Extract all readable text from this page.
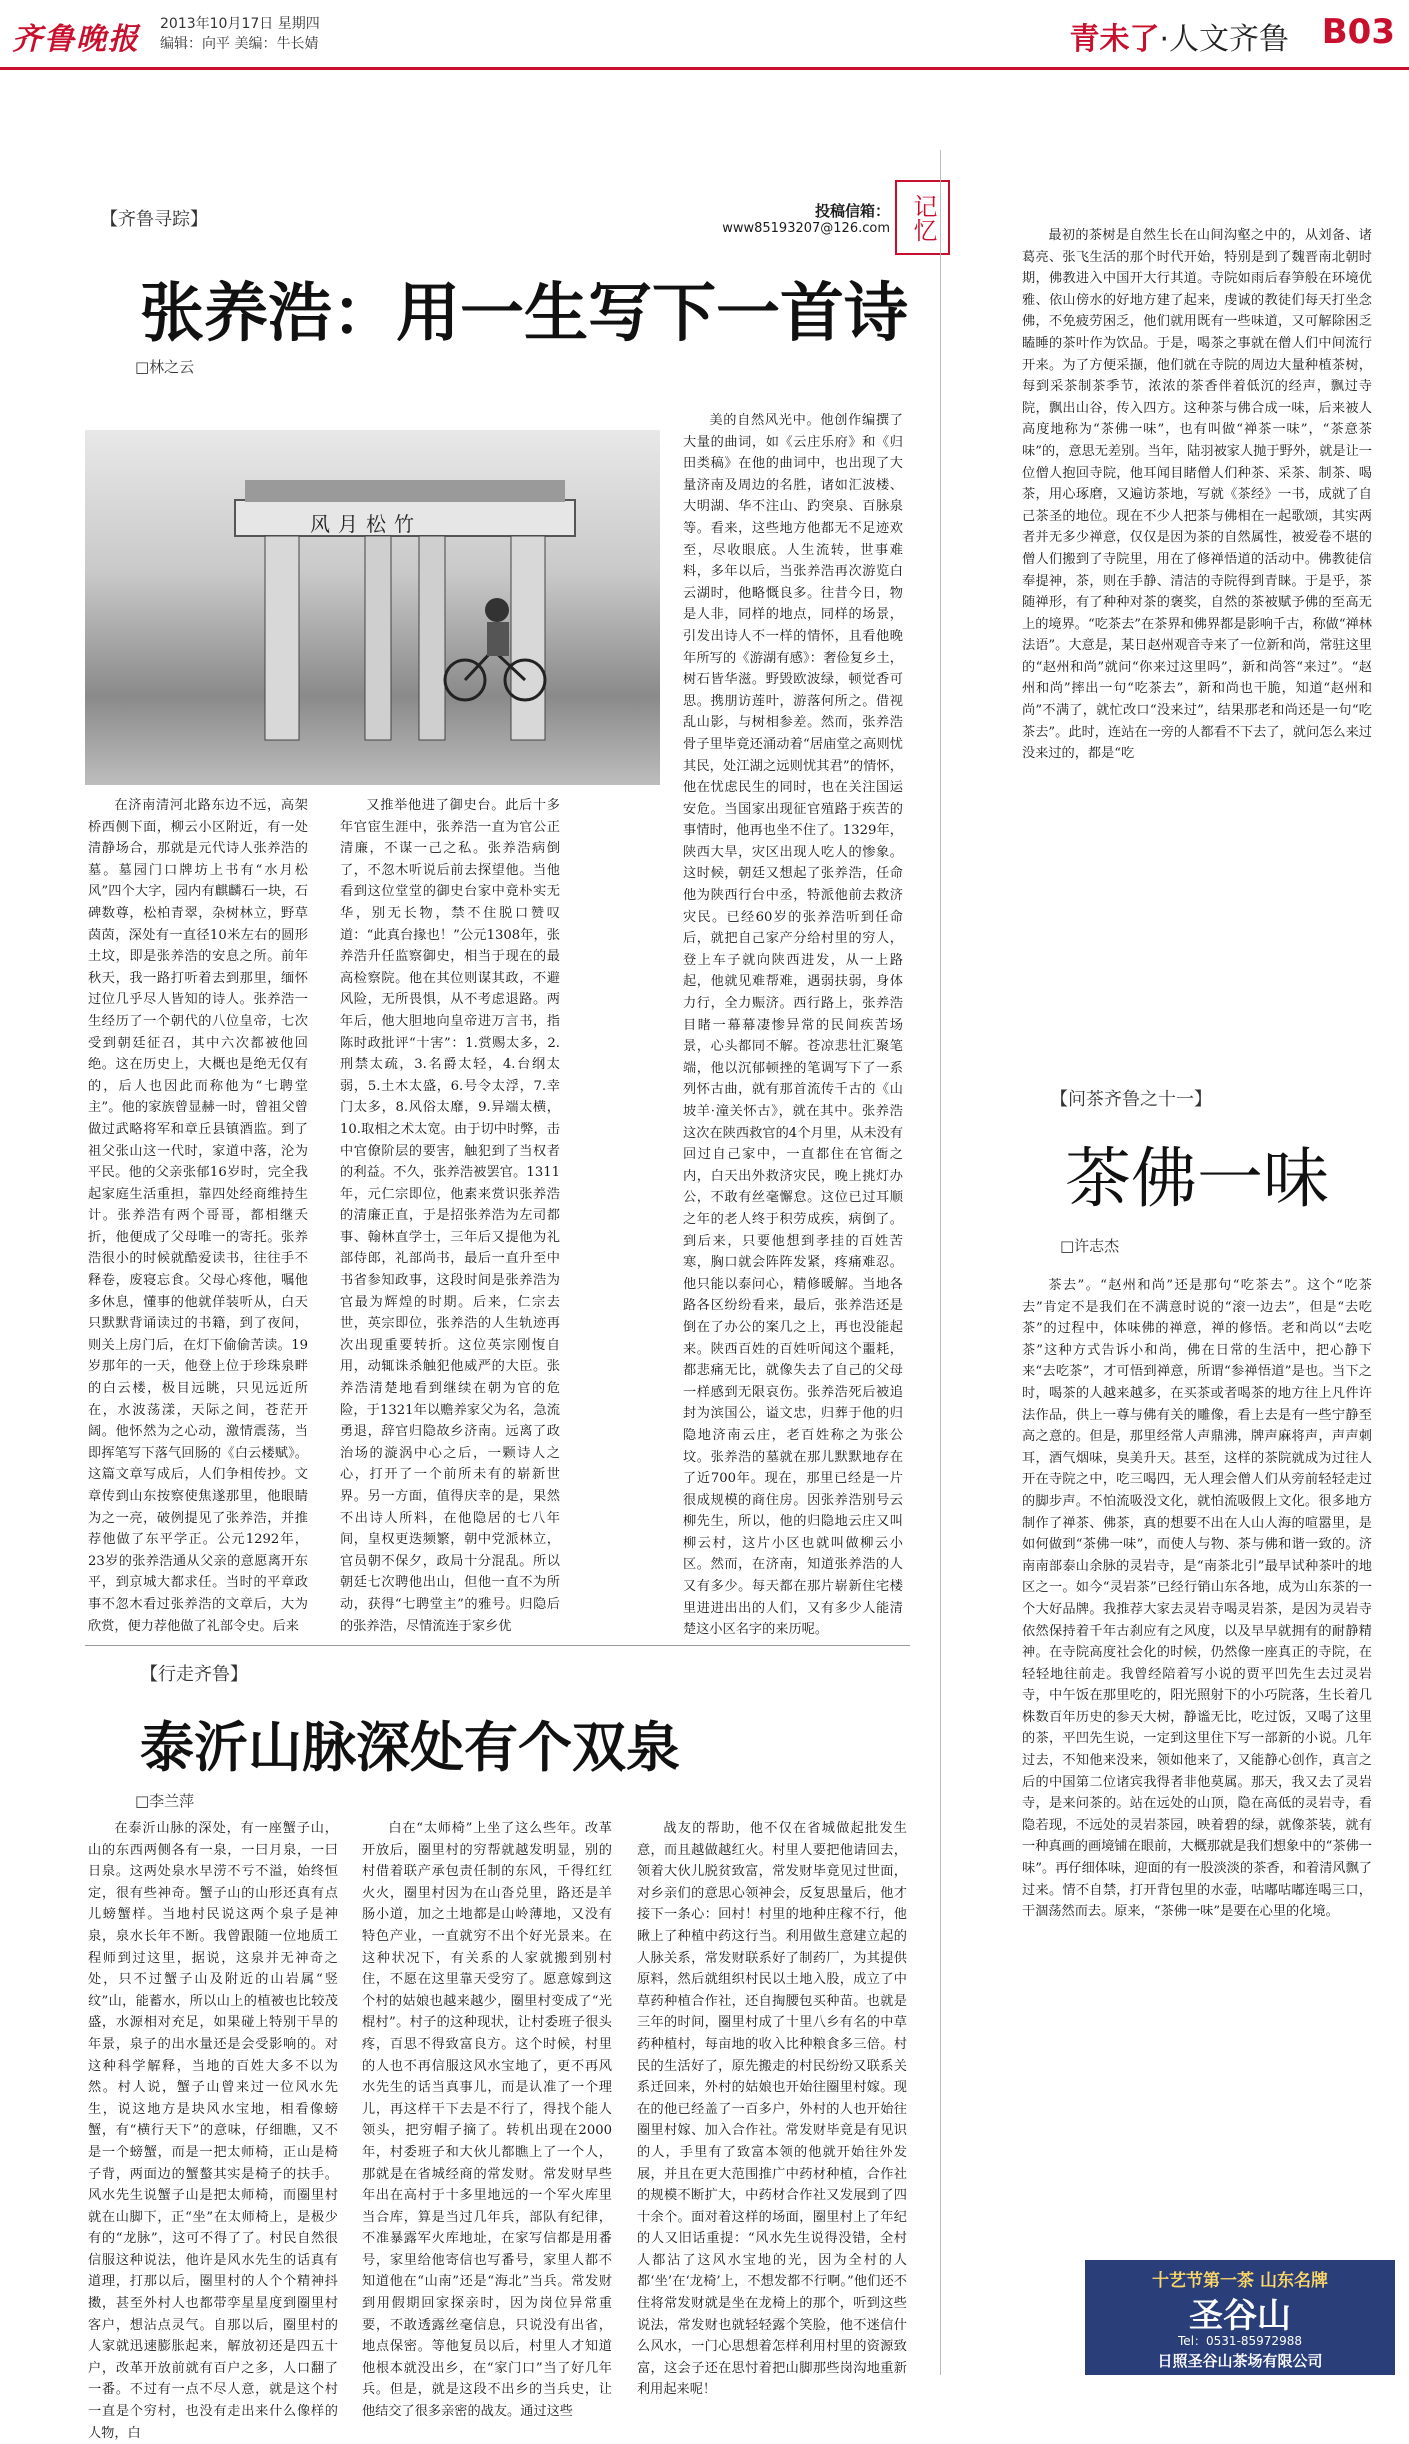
齐鲁晚报 2013年10月17日 星期四
编辑：向平 美编：牛长婧	青未了·人文齐鲁 B03
【齐鲁寻踪】	投稿信箱：
www85193207@126.com 记忆
张养浩：用一生写下一首诗
□林之云
风月松竹
在济南清河北路东边不远，高架桥西侧下面，柳云小区附近，有一处清静场合，那就是元代诗人张养浩的墓。墓园门口牌坊上书有“水月松风”四个大字，园内有麒麟石一块，石碑数尊，松柏青翠，杂树林立，野草茵茵，深处有一直径10米左右的圆形土坟，即是张养浩的安息之所。前年秋天，我一路打听着去到那里，缅怀过位几乎尽人皆知的诗人。张养浩一生经历了一个朝代的八位皇帝，七次受到朝廷征召，其中六次都被他回绝。这在历史上，大概也是绝无仅有的，后人也因此而称他为“七聘堂主”。他的家族曾显赫一时，曾祖父曾做过武略将军和章丘县镇酒监。到了祖父张山这一代时，家道中落，沦为平民。他的父亲张郁16岁时，完全我起家庭生活重担，靠四处经商维持生计。张养浩有两个哥哥，都相继夭折，他便成了父母唯一的寄托。张养浩很小的时候就酷爱读书，往往手不释卷，废寝忘食。父母心疼他，嘱他多休息，懂事的他就佯装听从，白天只默默背诵读过的书籍，到了夜间，则关上房门后，在灯下偷偷苦读。19岁那年的一天，他登上位于珍珠泉畔的白云楼，极目远眺，只见远近所在，水波荡漾，天际之间，苍茫开阔。他怀然为之心动，激情震荡，当即挥笔写下落气回肠的《白云楼赋》。这篇文章写成后，人们争相传抄。文章传到山东按察使焦遂那里，他眼睛为之一亮，破例提见了张养浩，并推荐他做了东平学正。公元1292年，23岁的张养浩通从父亲的意愿离开东平，到京城大都求任。当时的平章政事不忽木看过张养浩的文章后，大为欣赏，便力荐他做了礼部令史。后来
又推举他进了御史台。此后十多年官宦生涯中，张养浩一直为官公正清廉，不谋一己之私。张养浩病倒了，不忽木听说后前去探望他。当他看到这位堂堂的御史台家中竟朴实无华，别无长物，禁不住脱口赞叹道：“此真台掾也！”公元1308年，张养浩升任监察御史，相当于现在的最高检察院。他在其位则谋其政，不避风险，无所畏惧，从不考虑退路。两年后，他大胆地向皇帝进万言书，指陈时政批评“十害”：1.赏赐太多，2.刑禁太疏，3.名爵太轻，4.台纲太弱，5.土木太盛，6.号令太浮，7.幸门太多，8.风俗太靡，9.异端太横，10.取相之术太宽。由于切中时弊，击中官僚阶层的要害，触犯到了当权者的利益。不久，张养浩被罢官。1311年，元仁宗即位，他素来赏识张养浩的清廉正直，于是招张养浩为左司都事、翰林直学士，三年后又提他为礼部侍郎，礼部尚书，最后一直升至中书省参知政事，这段时间是张养浩为官最为辉煌的时期。后来，仁宗去世，英宗即位，张养浩的人生轨迹再次出现重要转折。这位英宗刚愎自用，动辄诛杀触犯他威严的大臣。张养浩清楚地看到继续在朝为官的危险，于1321年以赡养家父为名，急流勇退，辞官归隐故乡济南。远离了政治场的漩涡中心之后，一颗诗人之心，打开了一个前所未有的崭新世界。另一方面，值得庆幸的是，果然不出诗人所料，在他隐居的七八年间，皇权更迭频繁，朝中党派林立，官员朝不保夕，政局十分混乱。所以朝廷七次聘他出山，但他一直不为所动，获得“七聘堂主”的雅号。归隐后的张养浩，尽情流连于家乡优
美的自然风光中。他创作编撰了大量的曲词，如《云庄乐府》和《归田类稿》在他的曲词中，也出现了大量济南及周边的名胜，诸如汇波楼、大明湖、华不注山、趵突泉、百脉泉等。看来，这些地方他都无不足迹欢至，尽收眼底。人生流转，世事难料，多年以后，当张养浩再次游览白云湖时，他略慨良多。往昔今日，物是人非，同样的地点，同样的场景，引发出诗人不一样的情怀，且看他晚年所写的《游湖有感》：奢俭复乡土，树石皆华滋。野毁欧波绿，顿觉香可思。携朋访莲叶，游落何所之。借视乱山影，与树相参差。然而，张养浩骨子里毕竟还涌动着“居庙堂之高则忧其民，处江湖之远则忧其君”的情怀，他在忧虑民生的同时，也在关注国运安危。当国家出现征官殖路于疾苦的事情时，他再也坐不住了。1329年，陕西大旱，灾区出现人吃人的惨象。这时候，朝廷又想起了张养浩，任命他为陕西行台中丞，特派他前去救济灾民。已经60岁的张养浩听到任命后，就把自己家产分给村里的穷人，登上车子就向陕西进发，从一上路起，他就见难帮难，遇弱扶弱，身体力行，全力赈济。西行路上，张养浩目睹一幕幕凄惨异常的民间疾苦场景，心头都同不解。苍凉悲壮汇聚笔端，他以沉郁顿挫的笔调写下了一系列怀古曲，就有那首流传千古的《山坡羊·潼关怀古》，就在其中。张养浩这次在陕西救官的4个月里，从未没有回过自己家中，一直都住在官衙之内，白天出外救济灾民，晚上挑灯办公，不敢有丝毫懈怠。这位已过耳顺之年的老人终于积劳成疾，病倒了。到后来，只要他想到孝挂的百姓苦寒，胸口就会阵阵发紧，疼痛难忍。他只能以泰问心，精修暖解。当地各路各区纷纷看来，最后，张养浩还是倒在了办公的案几之上，再也没能起来。陕西百姓的百姓听闻这个噩耗，都悲痛无比，就像失去了自己的父母一样感到无限哀伤。张养浩死后被追封为滨国公，谥文忠，归葬于他的归隐地济南云庄，老百姓称之为张公坟。张养浩的墓就在那儿默默地存在了近700年。现在，那里已经是一片很成规模的商住房。因张养浩别号云柳先生，所以，他的归隐地云庄又叫柳云村，这片小区也就叫做柳云小区。然而，在济南，知道张养浩的人又有多少。每天都在那片崭新住宅楼里进进出出的人们，又有多少人能清楚这小区名字的来历呢。
【行走齐鲁】
泰沂山脉深处有个双泉
□李兰萍
在泰沂山脉的深处，有一座蟹子山，山的东西两侧各有一泉，一曰月泉，一曰日泉。这两处泉水早涝不亏不溢，始终恒定，很有些神奇。蟹子山的山形还真有点儿螃蟹样。当地村民说这两个泉子是神泉，泉水长年不断。我曾跟随一位地质工程师到过这里，据说，这泉并无神奇之处，只不过蟹子山及附近的山岩属“竖纹”山，能蓄水，所以山上的植被也比较茂盛，水源相对充足，如果碰上特别干旱的年景，泉子的出水量还是会受影响的。对这种科学解释，当地的百姓大多不以为然。村人说，蟹子山曾来过一位风水先生，说这地方是块风水宝地，相看像螃蟹，有“横行天下”的意味，仔细瞧，又不是一个螃蟹，而是一把太师椅，正山是椅子背，两面边的蟹螯其实是椅子的扶手。风水先生说蟹子山是把太师椅，而圈里村就在山脚下，正“坐”在太师椅上，是极少有的“龙脉”，这可不得了了。村民自然很信服这种说法，他许是风水先生的话真有道理，打那以后，圈里村的人个个精神抖擞，甚至外村人也都带孪星星度到圈里村客户，想沾点灵气。自那以后，圈里村的人家就迅速膨胀起来，解放初还是四五十户，改革开放前就有百户之多，人口翻了一番。不过有一点不尽人意，就是这个村一直是个穷村，也没有走出来什么像样的人物，白
白在“太师椅”上坐了这么些年。改革开放后，圈里村的穷帮就越发明显，别的村借着联产承包责任制的东风，千得红红火火，圈里村因为在山沓兑里，路还是羊肠小道，加之土地都是山岭薄地，又没有特色产业，一直就穷不出个好光景来。在这种状况下，有关系的人家就搬到别村住，不愿在这里靠天受穷了。愿意嫁到这个村的姑娘也越来越少，圈里村变成了“光棍村”。村子的这种现状，让村委班子很头疼，百思不得致富良方。这个时候，村里的人也不再信服这风水宝地了，更不再风水先生的话当真事儿，而是认准了一个理儿，再这样干下去是不行了，得找个能人领头，把穷帽子摘了。转机出现在2000年，村委班子和大伙儿都瞧上了一个人，那就是在省城经商的常发财。常发财早些年出在高村于十多里地远的一个军火库里当合库，算是当过几年兵，部队有纪律，不准暴露军火库地址，在家写信都是用番号，家里给他寄信也写番号，家里人都不知道他在“山南”还是“海北”当兵。常发财到用假期回家探亲时，因为岗位异常重要，不敢透露丝毫信息，只说没有出省，地点保密。等他复员以后，村里人才知道他根本就没出乡，在“家门口”当了好几年兵。但是，就是这段不出乡的当兵史，让他结交了很多亲密的战友。通过这些
战友的帮助，他不仅在省城做起批发生意，而且越做越红火。村里人要把他请回去，领着大伙儿脱贫致富，常发财毕竟见过世面，对乡亲们的意思心领神会，反复思量后，他才接下一条心：回村！村里的地种庄稼不行，他瞅上了种植中药这行当。利用做生意建立起的人脉关系，常发财联系好了制药厂，为其提供原料，然后就组织村民以土地入股，成立了中草药种植合作社，还自掏腰包买种苗。也就是三年的时间，圈里村成了十里八乡有名的中草药种植村，每亩地的收入比种粮食多三倍。村民的生活好了，原先搬走的村民纷纷又联系关系迁回来，外村的姑娘也开始往圈里村嫁。现在的他已经盖了一百多户，外村的人也开始往圈里村嫁、加入合作社。常发财毕竟是有见识的人，手里有了致富本领的他就开始往外发展，并且在更大范围推广中药材种植，合作社的规模不断扩大，中药材合作社又发展到了四十余个。面对着这样的场面，圈里村上了年纪的人又旧话重提：“风水先生说得没错，全村人都沾了这风水宝地的光，因为全村的人都‘坐’在‘龙椅’上，不想发都不行啊。”他们还不住将常发财就是坐在龙椅上的那个，听到这些说法，常发财也就轻轻露个笑脸，他不迷信什么风水，一门心思想着怎样利用村里的资源致富，这会子还在思忖着把山脚那些岗沟地重新利用起来呢！
最初的茶树是自然生长在山间沟壑之中的，从刘备、诸葛亮、张飞生活的那个时代开始，特别是到了魏晋南北朝时期，佛教进入中国开大行其道。寺院如雨后春笋般在环境优雅、依山傍水的好地方建了起来，虔诚的教徒们每天打坐念佛，不免疲劳困乏，他们就用既有一些味道，又可解除困乏瞌睡的茶叶作为饮品。于是，喝茶之事就在僧人们中间流行开来。为了方便采撷，他们就在寺院的周边大量种植茶树，每到采茶制茶季节，浓浓的茶香伴着低沉的经声，飘过寺院，飘出山谷，传入四方。这种茶与佛合成一味，后来被人高度地称为“茶佛一味”，也有叫做“禅茶一味”，“茶意茶味”的，意思无差别。当年，陆羽被家人抛于野外，就是让一位僧人抱回寺院，他耳闻目睹僧人们种茶、采茶、制茶、喝茶，用心琢磨，又遍访茶地，写就《茶经》一书，成就了自己茶圣的地位。现在不少人把茶与佛相在一起歌颂，其实两者并无多少禅意，仅仅是因为茶的自然属性，被爱卷不堪的僧人们搬到了寺院里，用在了修禅悟道的活动中。佛教徒信奉提神，茶，则在手静、清洁的寺院得到青睐。于是乎，茶随禅形，有了种种对茶的褒奖，自然的茶被赋予佛的至高无上的境界。“吃茶去”在茶界和佛界都是影响千古，称做“禅林法语”。大意是，某日赵州观音寺来了一位新和尚，常驻这里的“赵州和尚”就问“你来过这里吗”，新和尚答“来过”。“赵州和尚”摔出一句“吃茶去”，新和尚也干脆，知道“赵州和尚”不满了，就忙改口“没来过”，结果那老和尚还是一句“吃茶去”。此时，连站在一旁的人都看不下去了，就问怎么来过没来过的，都是“吃
【问茶齐鲁之十一】
茶佛一味
□许志杰
茶去”。“赵州和尚”还是那句“吃茶去”。这个“吃茶去”肯定不是我们在不满意时说的“滚一边去”，但是“去吃茶”的过程中，体味佛的禅意，禅的修悟。老和尚以“去吃茶”这种方式告诉小和尚，佛在日常的生活中，把心静下来“去吃茶”，才可悟到禅意，所谓“参禅悟道”是也。当下之时，喝茶的人越来越多，在买茶或者喝茶的地方往上凡件许法作品，供上一尊与佛有关的雕像，看上去是有一些宁静至高之意的。但是，那里经常人声鼎沸，牌声麻将声，声声刺耳，酒气烟味，臭美升天。甚至，这样的茶院就成为过往人开在寺院之中，吃三喝四，无人理会僧人们从旁前轻轻走过的脚步声。不怕流吸没文化，就怕流吸假上文化。很多地方制作了禅茶、佛茶，真的想要不出在人山人海的喧嚣里，是如何做到“茶佛一味”，而使人与物、茶与佛和谐一致的。济南南部泰山余脉的灵岩寺，是“南茶北引”最早试种茶叶的地区之一。如今“灵岩茶”已经行销山东各地，成为山东茶的一个大好品牌。我推荐大家去灵岩寺喝灵岩茶，是因为灵岩寺依然保持着千年古刹应有之风度，以及早早就拥有的耐静精神。在寺院高度社会化的时候，仍然像一座真正的寺院，在轻轻地往前走。我曾经陪着写小说的贾平凹先生去过灵岩寺，中午饭在那里吃的，阳光照射下的小巧院落，生长着几株数百年历史的参天大树，静谧无比，吃过饭，又喝了这里的茶，平凹先生说，一定到这里住下写一部新的小说。几年过去，不知他来没来，领如他来了，又能静心创作，真言之后的中国第二位诸宾我得者非他莫属。那天，我又去了灵岩寺，是来问茶的。站在远处的山顶，隐在高低的灵岩寺，看隐若现，不远处的灵岩茶园，映着碧的绿，就像茶装，就有一种真画的画境铺在眼前，大概那就是我们想象中的“茶佛一味”。再仔细体味，迎面的有一股淡淡的茶香，和着清风飘了过来。情不自禁，打开背包里的水壶，咕嘟咕嘟连喝三口，干涸荡然而去。原来，“茶佛一味”是要在心里的化境。
十艺节第一茶 山东名牌
圣谷山
Tel：0531-85972988
日照圣谷山茶场有限公司
